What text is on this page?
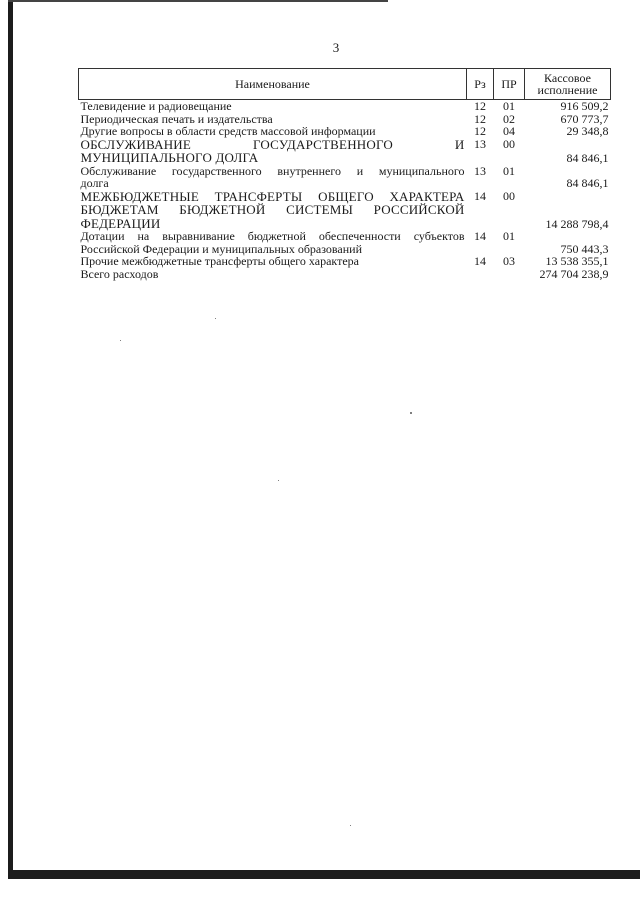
3
Наименование	Рз	ПР	Кассовое исполнение
Телевидение и радиовещание	12	01	916 509,2
Периодическая печать и издательства	12	02	670 773,7
Другие вопросы в области средств массовой информации	12	04	29 348,8

ОБСЛУЖИВАНИЕ ГОСУДАРСТВЕННОГО И
МУНИЦИПАЛЬНОГО ДОЛГА	13	00	84 846,1

Обслуживание государственного внутреннего и муниципального
долга	13	01	84 846,1

МЕЖБЮДЖЕТНЫЕ ТРАНСФЕРТЫ ОБЩЕГО ХАРАКТЕРА
БЮДЖЕТАМ БЮДЖЕТНОЙ СИСТЕМЫ РОССИЙСКОЙ
ФЕДЕРАЦИИ	14	00	14 288 798,4

Дотации на выравнивание бюджетной обеспеченности субъектов
Российской Федерации и муниципальных образований	14	01	750 443,3
Прочие межбюджетные трансферты общего характера	14	03	13 538 355,1
Всего расходов			274 704 238,9
